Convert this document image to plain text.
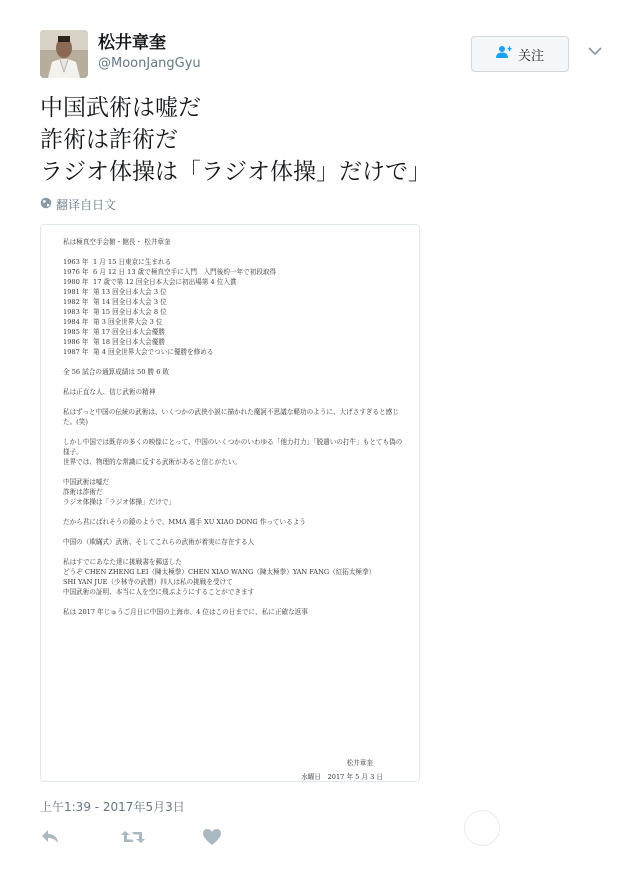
松井章奎
@MoonJangGyu	关注
中国武術は嘘だ
詐術は詐術だ
ラジオ体操は「ラジオ体操」だけで」
翻译自日文

私は極真空手会館・館長・ 松井章奎

1963 年 1 月 15 日東京に生まれる
1976 年 6 月 12 日 13 歳で極真空手に入門　入門後約一年で初段取得
1980 年 17 歳で第 12 回全日本大会に初出場第 4 位入賞
1981 年 第 13 回全日本大会 3 位
1982 年 第 14 回全日本大会 3 位
1983 年 第 15 回全日本大会 8 位
1984 年 第 3 回全世界大会 3 位
1985 年 第 17 回全日本大会優勝
1986 年 第 18 回全日本大会優勝
1987 年 第 4 回全世界大会でついに優勝を修める

全 56 試合の通算成績は 50 勝 6 敗

私は正直な人、信じ武術の精神

私はずっと中国の伝統の武術は、いくつかの武侠小説に描かれた魔訶不思議な軽功のように、大げさすぎると感じた。(笑)

しかし中国では既存の多くの映像にとって、中国のいくつかのいわゆる「他力打力」「脱遣いの打牛」もとても偽の様子。

世界では、物理的な常識に反する武術があると信じがたい。

中国武術は嘘だ

詐術は詐術だ

ラジオ体操は「ラジオ体操」だけで」

だから君にばれそうの鏡のようで、MMA 選手 XU XIAO DONG 作っているよう

中国の（欺瞞式）武術、そしてこれらの武術が着実に存在する人

私はすでにあなた達に挑戦書を郵送した

どうぞ CHEN ZHENG LEI（陳太極拳）CHEN XIAO WANG（陳太極拳）YAN FANG（紅拓太極拳）

SHI YAN JUE（少林寺の武僧）四人は私の挑戦を受けて

中国武術の証明、本当に人を空に飛ぶようにすることができます

私は 2017 年じゅうご月日に中国の上海市、4 位はこの日までに、私に正確な返事

松井章奎
水曜日　2017 年 5 月 3 日
上午1:39 - 2017年5月3日
